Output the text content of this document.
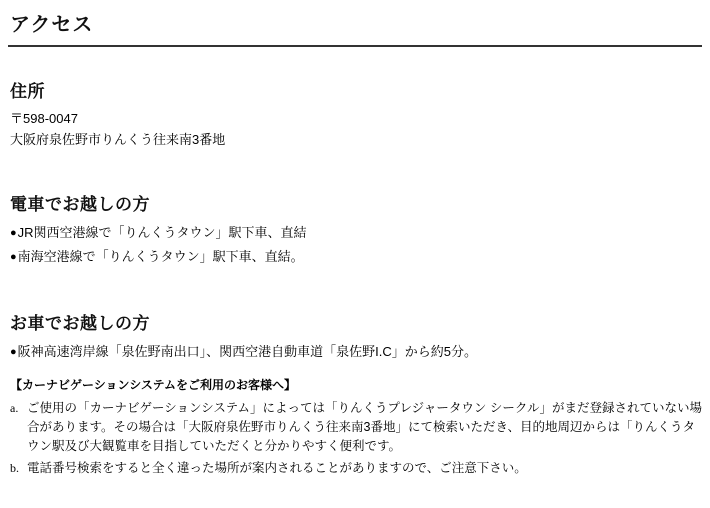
アクセス
住所
〒598-0047
大阪府泉佐野市りんくう往来南3番地
電車でお越しの方
●JR関西空港線で「りんくうタウン」駅下車、直結
●南海空港線で「りんくうタウン」駅下車、直結。
お車でお越しの方
●阪神高速湾岸線「泉佐野南出口」、関西空港自動車道「泉佐野I.C」から約5分。
【カーナビゲーションシステムをご利用のお客様へ】
a. ご使用の「カーナビゲーションシステム」によっては「りんくうプレジャータウン シークル」がまだ登録されていない場合があります。その場合は「大阪府泉佐野市りんくう往来南3番地」にて検索いただき、目的地周辺からは「りんくうタウン駅及び大観覧車を目指していただくと分かりやすく便利です。
b. 電話番号検索をすると全く違った場所が案内されることがありますので、ご注意下さい。
